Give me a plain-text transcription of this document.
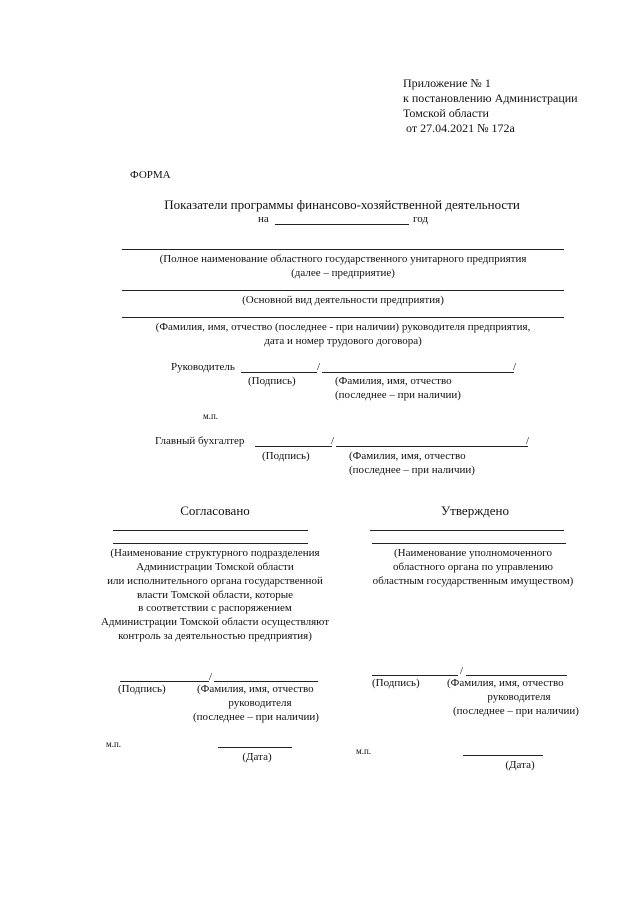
Приложение № 1
к постановлению Администрации
Томской области
от 27.04.2021 № 172а
ФОРМА
Показатели программы финансово-хозяйственной деятельности
на	год
(Полное наименование областного государственного унитарного предприятия
(далее – предприятие)
(Основной вид деятельности предприятия)
(Фамилия, имя, отчество (последнее - при наличии) руководителя предприятия,
дата и номер трудового договора)
Руководитель	/	/
(Подпись)	(Фамилия, имя, отчество
(последнее – при наличии)
м.п.
Главный бухгалтер	/	/
(Подпись)	(Фамилия, имя, отчество
(последнее – при наличии)
Согласовано
(Наименование структурного подразделения
Администрации Томской области
или исполнительного органа государственной
власти Томской области, которые
в соответствии с распоряжением
Администрации Томской области осуществляют
контроль за деятельностью предприятия)
/
(Подпись)	(Фамилия, имя, отчество
руководителя
(последнее – при наличии)
м.п.
(Дата)
Утверждено
(Наименование уполномоченного
областного органа по управлению
областным государственным имуществом)
/
(Подпись) (Фамилия, имя, отчество
руководителя
(последнее – при наличии)
м.п.
(Дата)
